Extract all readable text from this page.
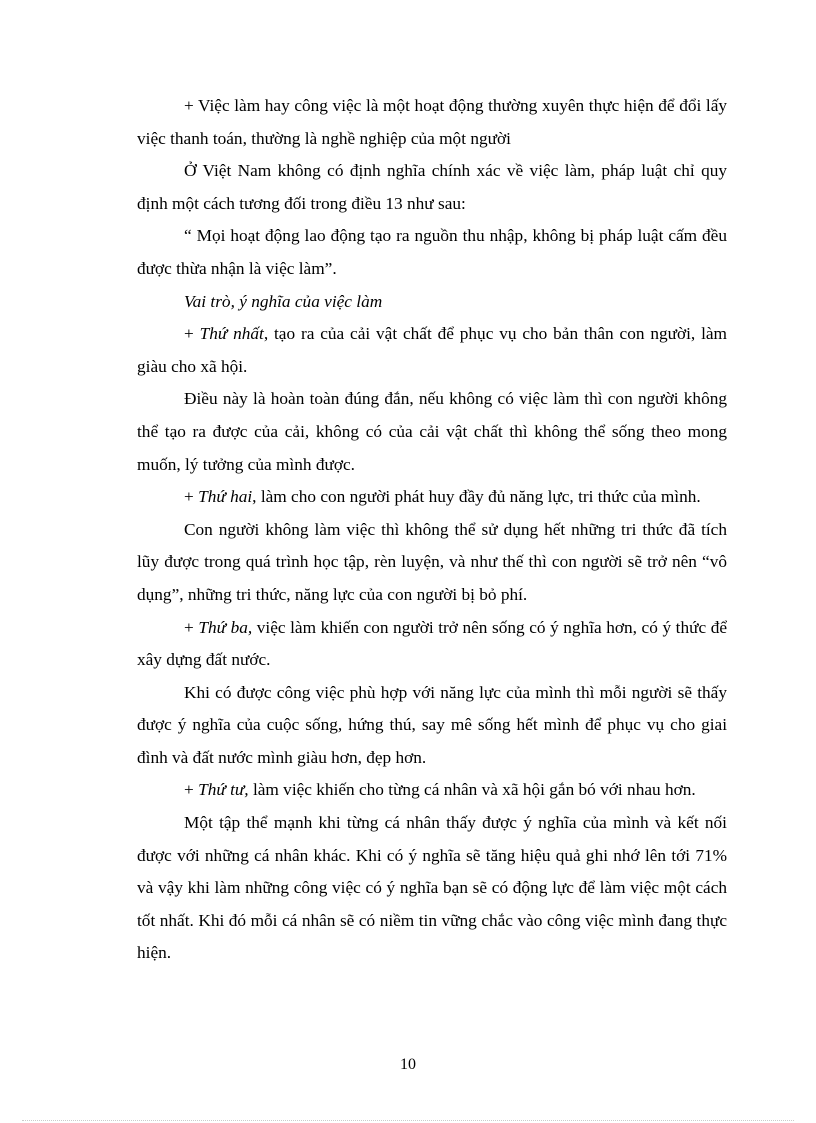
+ Việc làm hay công việc là một hoạt động thường xuyên thực hiện để đổi lấy việc thanh toán, thường là nghề nghiệp của một người

Ở Việt Nam không có định nghĩa chính xác về việc làm, pháp luật chỉ quy định một cách tương đối trong điều 13 như sau:

“ Mọi hoạt động lao động tạo ra nguồn thu nhập, không bị pháp luật cấm đều được thừa nhận là việc làm”.

Vai trò, ý nghĩa của việc làm

+ Thứ nhất, tạo ra của cải vật chất để phục vụ cho bản thân con người, làm giàu cho xã hội.

Điều này là hoàn toàn đúng đắn, nếu không có việc làm thì con người không thể tạo ra được của cải, không có của cải vật chất thì không thể sống theo mong muốn, lý tưởng của mình được.

+ Thứ hai, làm cho con người phát huy đầy đủ năng lực, tri thức của mình.

Con người không làm việc thì không thể sử dụng hết những tri thức đã tích lũy được trong quá trình học tập, rèn luyện, và như thế thì con người sẽ trở nên “vô dụng”, những tri thức, năng lực của con người bị bỏ phí.

+ Thứ ba, việc làm khiến con người trở nên sống có ý nghĩa hơn, có ý thức để xây dựng đất nước.

Khi có được công việc phù hợp với năng lực của mình thì mỗi người sẽ thấy được ý nghĩa của cuộc sống, hứng thú, say mê sống hết mình để phục vụ cho giai đình và đất nước mình giàu hơn, đẹp hơn.

+ Thứ tư, làm việc khiến cho từng cá nhân và xã hội gắn bó với nhau hơn.

Một tập thể mạnh khi từng cá nhân thấy được ý nghĩa của mình và kết nối được với những cá nhân khác. Khi có ý nghĩa sẽ tăng hiệu quả ghi nhớ lên tới 71% và vậy khi làm những công việc có ý nghĩa bạn sẽ có động lực để làm việc một cách tốt nhất. Khi đó mỗi cá nhân sẽ có niềm tin vững chắc vào công việc mình đang thực hiện.

10
